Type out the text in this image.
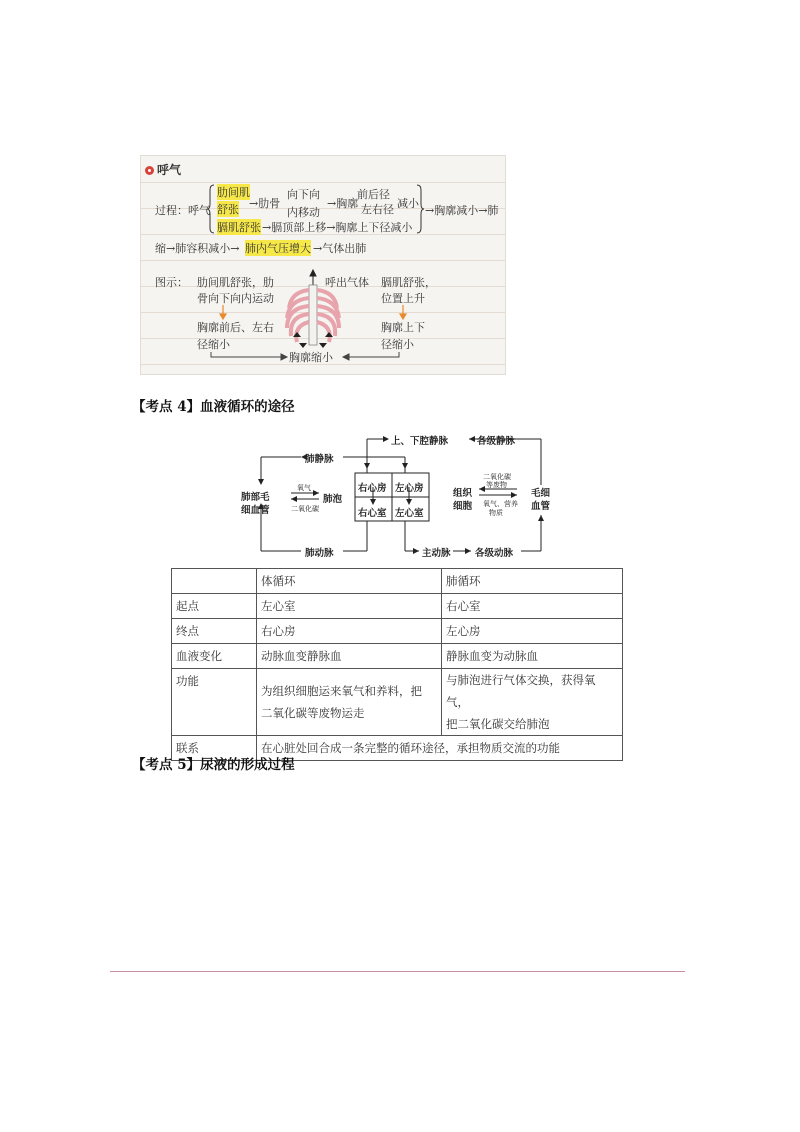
呼气
过程：呼气
肋间肌
舒张 →肋骨
向下向
内移动
→胸廓
前后径
左右径 减小
膈肌舒张 →膈顶部上移→胸廓上下径减小
→胸廓减小→肺
缩→肺容积减小→ 肺内气压增大 →气体出肺
图示： 肋间肌舒张，肋
骨向下向内运动
呼出气体 膈肌舒张，
位置上升
胸廓前后、左右
径缩小
胸廓上下
径缩小
胸廓缩小
【考点 4】血液循环的途径
上、下腔静脉	各级静脉
肺静脉
肺部毛
细血管
氧气
二氧化碳
肺泡
右心房 左心房
右心室 左心室
组织
细胞
二氧化碳
等废物
氧气、营养
物质
毛细
血管
肺动脉	主动脉	各级动脉
	体循环	肺循环
起点	左心室	右心室
终点	右心房	左心房
血液变化	动脉血变静脉血	静脉血变为动脉血
功能	为组织细胞运来氧气和养料，把
二氧化碳等废物运走	与肺泡进行气体交换，获得氧气，
把二氧化碳交给肺泡

联系	在心脏处回合成一条完整的循环途径，承担物质交流的功能	
【考点 5】尿液的形成过程
